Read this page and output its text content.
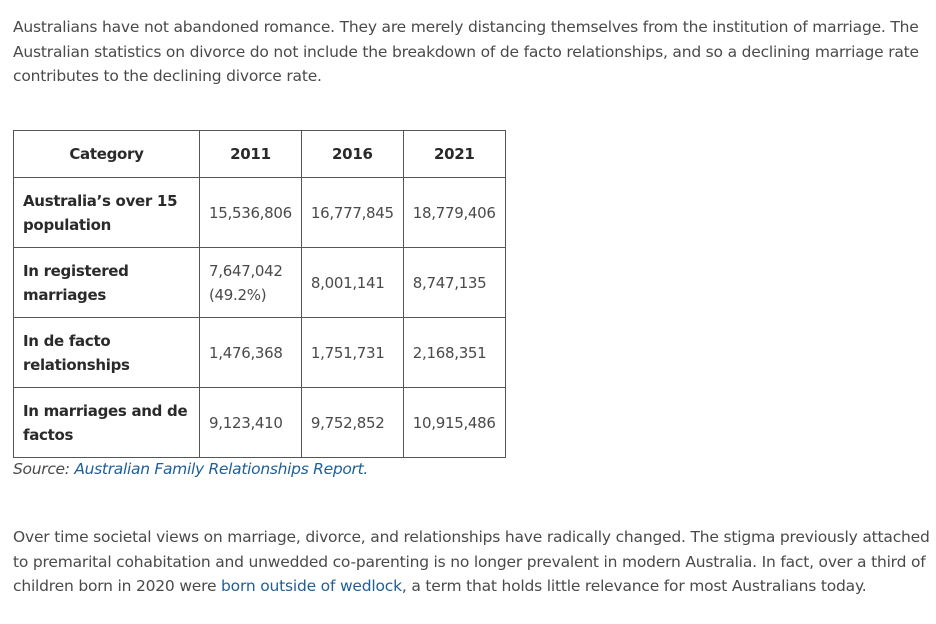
Australians have not abandoned romance. They are merely distancing themselves from the institution of marriage. The Australian statistics on divorce do not include the breakdown of de facto relationships, and so a declining marriage rate contributes to the declining divorce rate.

Category	2011	2016	2021
Australia’s over 15 population	15,536,806	16,777,845	18,779,406
In registered marriages	7,647,042 (49.2%)	8,001,141	8,747,135
In de facto relationships	1,476,368	1,751,731	2,168,351
In marriages and de factos	9,123,410	9,752,852	10,915,486
Source: Australian Family Relationships Report.

Over time societal views on marriage, divorce, and relationships have radically changed. The stigma previously attached to premarital cohabitation and unwedded co-parenting is no longer prevalent in modern Australia. In fact, over a third of children born in 2020 were born outside of wedlock, a term that holds little relevance for most Australians today.
